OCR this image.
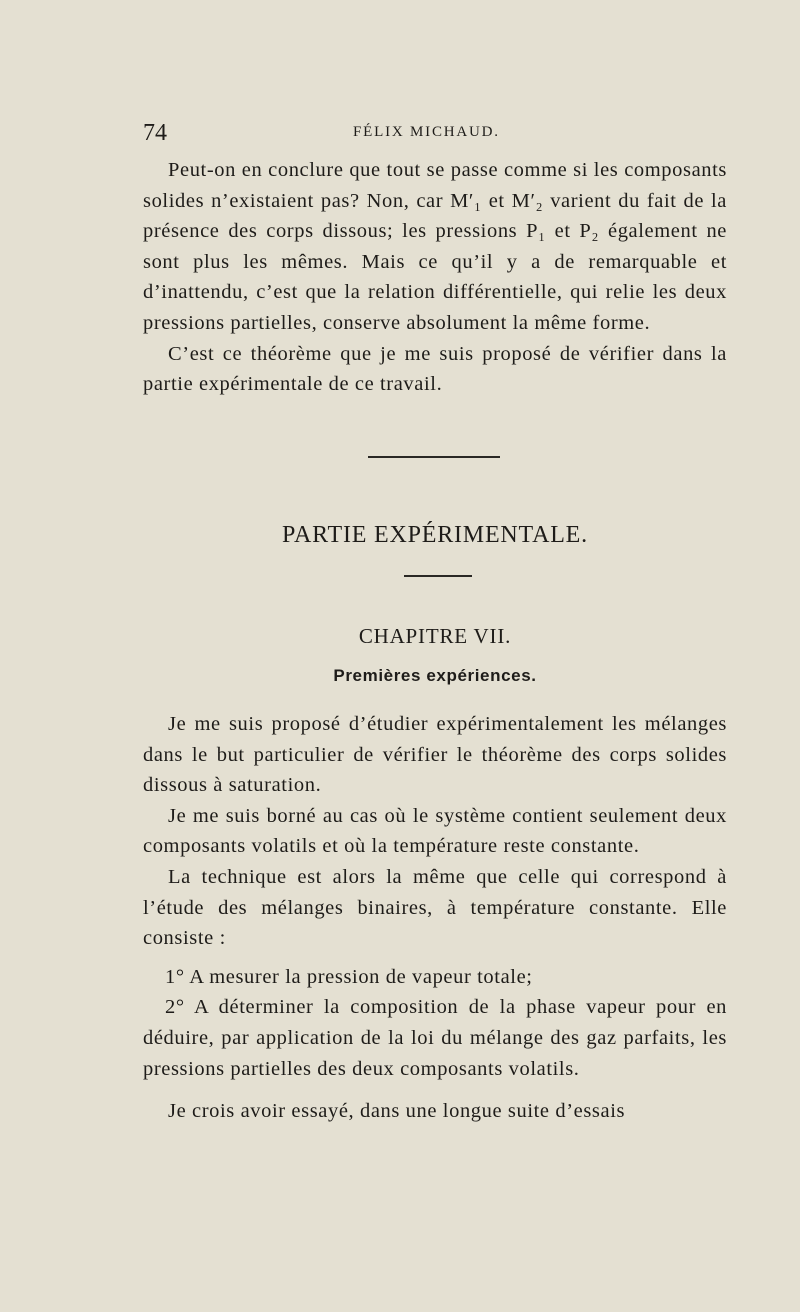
74	FÉLIX MICHAUD.

Peut-on en conclure que tout se passe comme si les composants solides n’existaient pas? Non, car M′₁ et M′₂ varient du fait de la présence des corps dissous; les pressions P₁ et P₂ également ne sont plus les mêmes. Mais ce qu’il y a de remarquable et d’inattendu, c’est que la relation différentielle, qui relie les deux pressions partielles, conserve absolument la même forme.

C’est ce théorème que je me suis proposé de vérifier dans la partie expérimentale de ce travail.

PARTIE EXPÉRIMENTALE.
CHAPITRE VII.
Premières expériences.

Je me suis proposé d’étudier expérimentalement les mélanges dans le but particulier de vérifier le théorème des corps solides dissous à saturation.

Je me suis borné au cas où le système contient seulement deux composants volatils et où la température reste constante.

La technique est alors la même que celle qui correspond à l’étude des mélanges binaires, à température constante. Elle consiste :

1° A mesurer la pression de vapeur totale;

2° A déterminer la composition de la phase vapeur pour en déduire, par application de la loi du mélange des gaz parfaits, les pressions partielles des deux composants volatils.

Je crois avoir essayé, dans une longue suite d’essais
